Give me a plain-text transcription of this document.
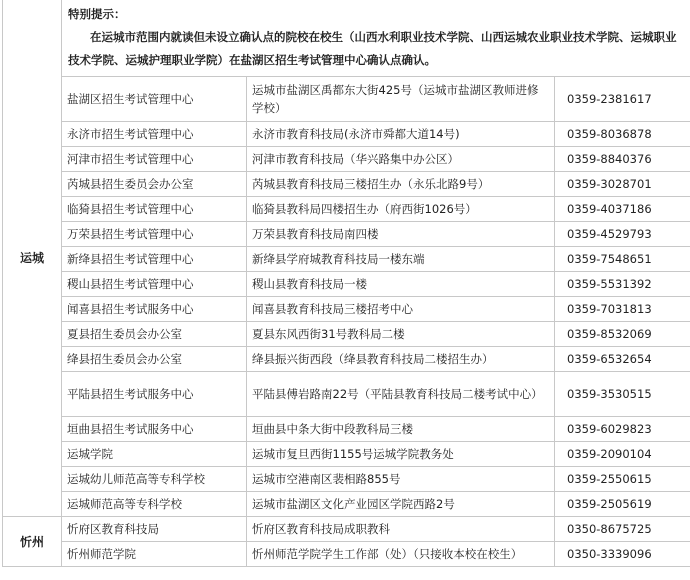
运城	特别提示：
在运城市范围内就读但未设立确认点的院校在校生（山西水利职业技术学院、山西运城农业职业技术学院、运城职业技术学院、运城护理职业学院）在盐湖区招生考试管理中心确认点确认。		

	盐湖区招生考试管理中心	运城市盐湖区禹都东大街425号（运城市盐湖区教师进修学校）	0359-2381617
	永济市招生考试管理中心	永济市教育科技局(永济市舜都大道14号)	0359-8036878
	河津市招生考试管理中心	河津市教育科技局（华兴路集中办公区）	0359-8840376
	芮城县招生委员会办公室	芮城县教育科技局三楼招生办（永乐北路9号）	0359-3028701
	临猗县招生考试管理中心	临猗县教科局四楼招生办（府西街1026号）	0359-4037186
	万荣县招生考试管理中心	万荣县教育科技局南四楼	0359-4529793
	新绛县招生考试管理中心	新绛县学府城教育科技局一楼东端	0359-7548651
	稷山县招生考试管理中心	稷山县教育科技局一楼	0359-5531392
	闻喜县招生考试服务中心	闻喜县教育科技局三楼招考中心	0359-7031813
	夏县招生委员会办公室	夏县东风西街31号教科局二楼	0359-8532069
	绛县招生委员会办公室	绛县振兴街西段（绛县教育科技局二楼招生办）	0359-6532654
	平陆县招生考试服务中心	平陆县傅岩路南22号（平陆县教育科技局二楼考试中心）	0359-3530515
	垣曲县招生考试服务中心	垣曲县中条大街中段教科局三楼	0359-6029823
	运城学院	运城市复旦西街1155号运城学院教务处	0359-2090104
	运城幼儿师范高等专科学校	运城市空港南区裴相路855号	0359-2550615
	运城师范高等专科学校	运城市盐湖区文化产业园区学院西路2号	0359-2505619
忻州	忻府区教育科技局	忻府区教育科技局成职教科	0350-8675725
	忻州师范学院	忻州师范学院学生工作部（处）（只接收本校在校生）	0350-3339096
